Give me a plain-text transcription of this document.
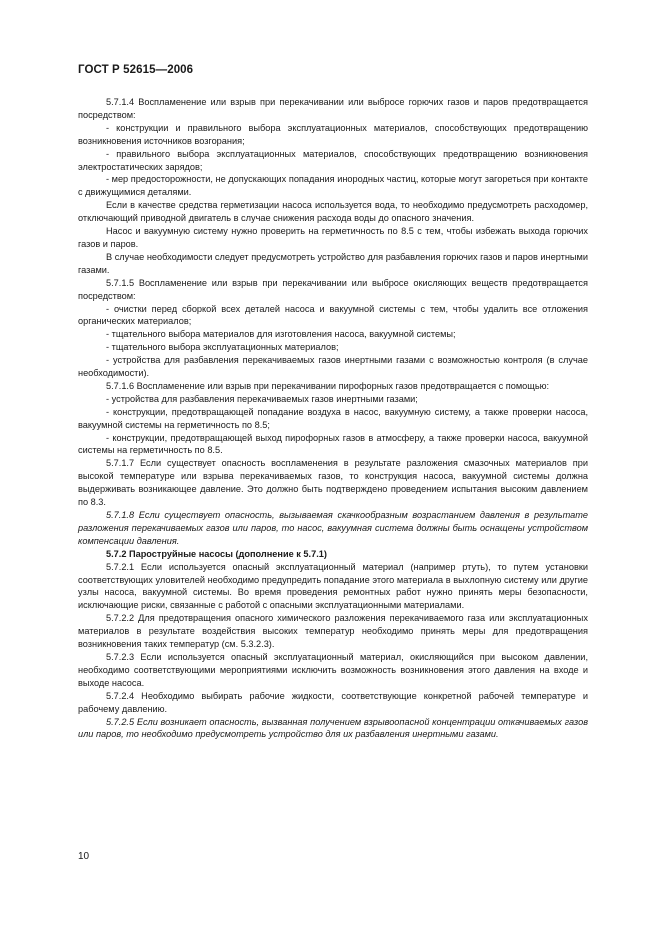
ГОСТ Р 52615—2006

5.7.1.4 Воспламенение или взрыв при перекачивании или выбросе горючих газов и паров предотвращается посредством:

- конструкции и правильного выбора эксплуатационных материалов, способствующих предотвращению возникновения источников возгорания;

- правильного выбора эксплуатационных материалов, способствующих предотвращению возникновения электростатических зарядов;

- мер предосторожности, не допускающих попадания инородных частиц, которые могут загореться при контакте с движущимися деталями.

Если в качестве средства герметизации насоса используется вода, то необходимо предусмотреть расходомер, отключающий приводной двигатель в случае снижения расхода воды до опасного значения.

Насос и вакуумную систему нужно проверить на герметичность по 8.5 с тем, чтобы избежать выхода горючих газов и паров.

В случае необходимости следует предусмотреть устройство для разбавления горючих газов и паров инертными газами.

5.7.1.5 Воспламенение или взрыв при перекачивании или выбросе окисляющих веществ предотвращается посредством:

- очистки перед сборкой всех деталей насоса и вакуумной системы с тем, чтобы удалить все отложения органических материалов;

- тщательного выбора материалов для изготовления насоса, вакуумной системы;

- тщательного выбора эксплуатационных материалов;

- устройства для разбавления перекачиваемых газов инертными газами с возможностью контроля (в случае необходимости).

5.7.1.6 Воспламенение или взрыв при перекачивании пирофорных газов предотвращается с помощью:

- устройства для разбавления перекачиваемых газов инертными газами;

- конструкции, предотвращающей попадание воздуха в насос, вакуумную систему, а также проверки насоса, вакуумной системы на герметичность по 8.5;

- конструкции, предотвращающей выход пирофорных газов в атмосферу, а также проверки насоса, вакуумной системы на герметичность по 8.5.

5.7.1.7 Если существует опасность воспламенения в результате разложения смазочных материалов при высокой температуре или взрыва перекачиваемых газов, то конструкция насоса, вакуумной системы должна выдерживать возникающее давление. Это должно быть подтверждено проведением испытания высоким давлением по 8.3.

5.7.1.8 Если существует опасность, вызываемая скачкообразным возрастанием давления в результате разложения перекачиваемых газов или паров, то насос, вакуумная система должны быть оснащены устройством компенсации давления.

5.7.2 Пароструйные насосы (дополнение к 5.7.1)

5.7.2.1 Если используется опасный эксплуатационный материал (например ртуть), то путем установки соответствующих уловителей необходимо предупредить попадание этого материала в выхлопную систему или другие узлы насоса, вакуумной системы. Во время проведения ремонтных работ нужно принять меры безопасности, исключающие риски, связанные с работой с опасными эксплуатационными материалами.

5.7.2.2 Для предотвращения опасного химического разложения перекачиваемого газа или эксплуатационных материалов в результате воздействия высоких температур необходимо принять меры для предотвращения возникновения таких температур (см. 5.3.2.3).

5.7.2.3 Если используется опасный эксплуатационный материал, окисляющийся при высоком давлении, необходимо соответствующими мероприятиями исключить возможность возникновения этого давления на входе и выходе насоса.

5.7.2.4 Необходимо выбирать рабочие жидкости, соответствующие конкретной рабочей температуре и рабочему давлению.

5.7.2.5 Если возникает опасность, вызванная получением взрывоопасной концентрации откачиваемых газов или паров, то необходимо предусмотреть устройство для их разбавления инертными газами.

10
